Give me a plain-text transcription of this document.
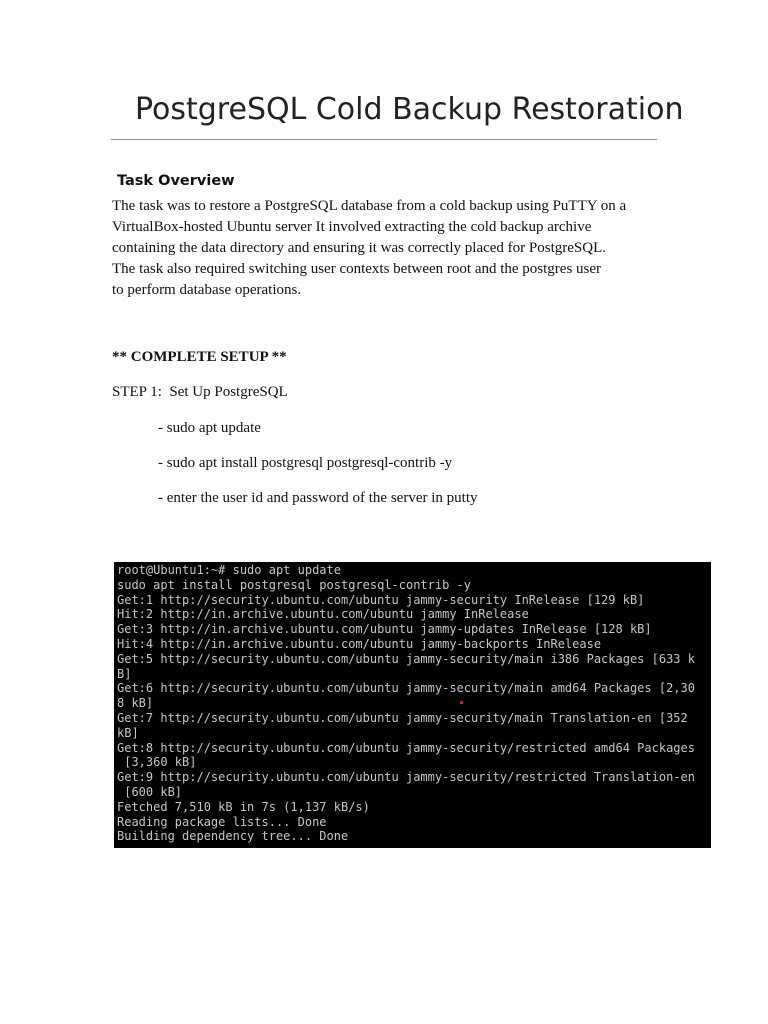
PostgreSQL Cold Backup Restoration
Task Overview

The task was to restore a PostgreSQL database from a cold backup using PuTTY on a
VirtualBox-hosted Ubuntu server It involved extracting the cold backup archive
containing the data directory and ensuring it was correctly placed for PostgreSQL.
The task also required switching user contexts between root and the postgres user
to perform database operations.

** COMPLETE SETUP **
STEP 1:  Set Up PostgreSQL
- sudo apt update
- sudo apt install postgresql postgresql-contrib -y
- enter the user id and password of the server in putty
root@Ubuntu1:~# sudo apt update
sudo apt install postgresql postgresql-contrib -y
Get:1 http://security.ubuntu.com/ubuntu jammy-security InRelease [129 kB]
Hit:2 http://in.archive.ubuntu.com/ubuntu jammy InRelease
Get:3 http://in.archive.ubuntu.com/ubuntu jammy-updates InRelease [128 kB]
Hit:4 http://in.archive.ubuntu.com/ubuntu jammy-backports InRelease
Get:5 http://security.ubuntu.com/ubuntu jammy-security/main i386 Packages [633 k
B]
Get:6 http://security.ubuntu.com/ubuntu jammy-security/main amd64 Packages [2,30
8 kB]
Get:7 http://security.ubuntu.com/ubuntu jammy-security/main Translation-en [352
kB]
Get:8 http://security.ubuntu.com/ubuntu jammy-security/restricted amd64 Packages
[3,360 kB]
Get:9 http://security.ubuntu.com/ubuntu jammy-security/restricted Translation-en
[600 kB]
Fetched 7,510 kB in 7s (1,137 kB/s)
Reading package lists... Done
Building dependency tree... Done
